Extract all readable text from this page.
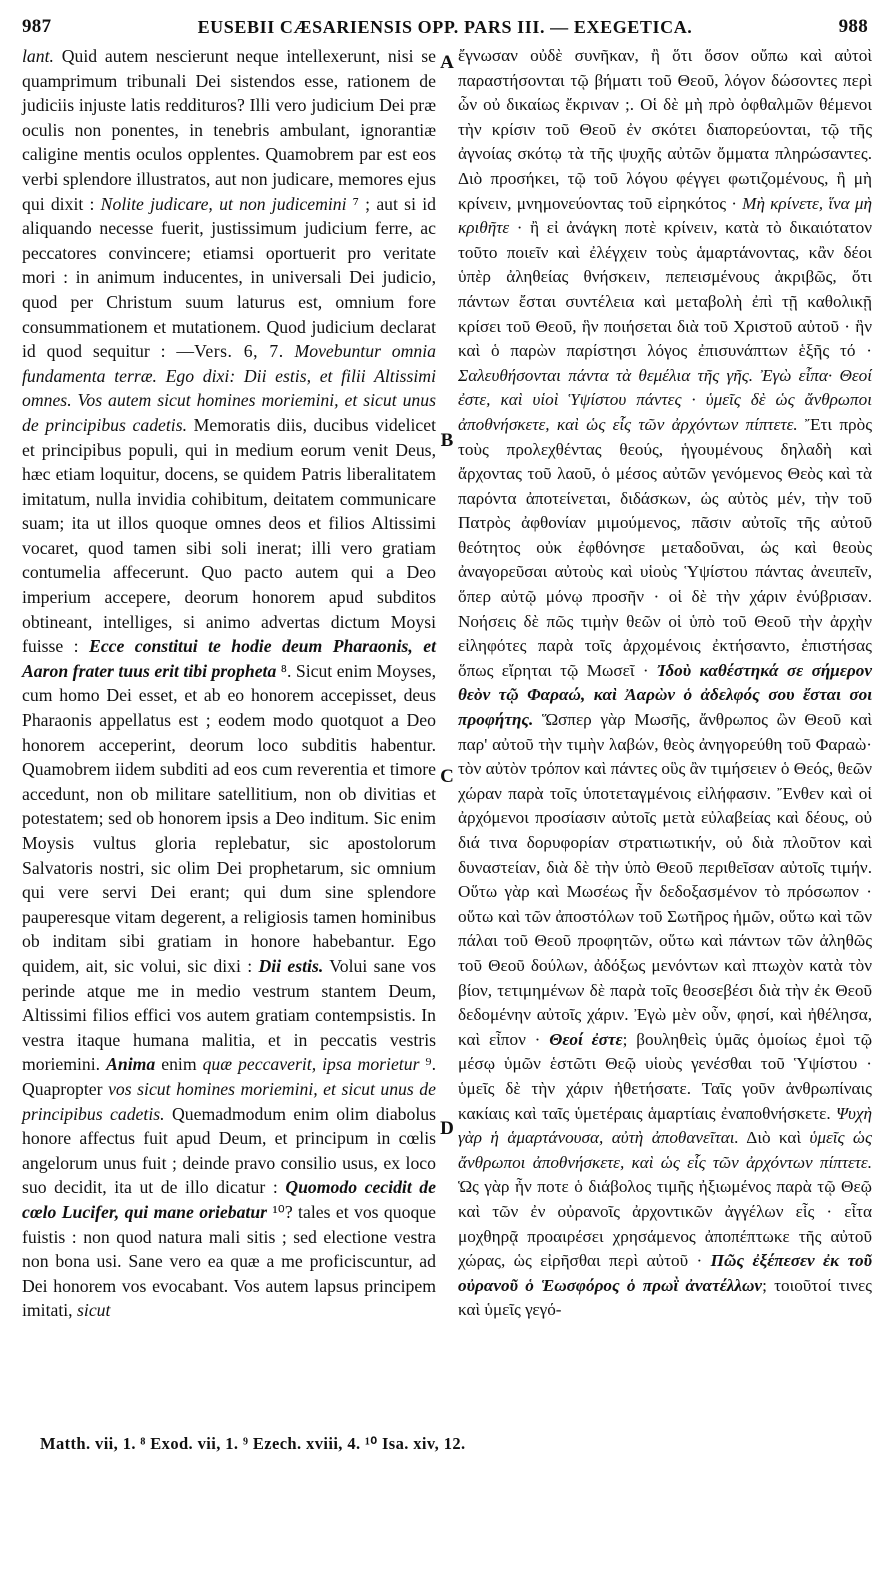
987	EUSEBII CÆSARIENSIS OPP. PARS III. — EXEGETICA.	988

lant. Quid autem nescierunt neque intellexerunt, nisi se quamprimum tribunali Dei sistendos esse, rationem de judiciis injuste latis reddituros? Illi vero judicium Dei præ oculis non ponentes, in tenebris ambulant, ignorantiæ caligine mentis oculos opplentes. Quamobrem par est eos verbi splendore illustratos, aut non judicare, memores ejus qui dixit : Nolite judicare, ut non judicemini ⁷ ; aut si id aliquando necesse fuerit, justissimum judicium ferre, ac peccatores convincere; etiamsi oportuerit pro veritate mori : in animum inducentes, in universali Dei judicio, quod per Christum suum laturus est, omnium fore consummationem et mutationem. Quod judicium declarat id quod sequitur : —Vers. 6, 7. Movebuntur omnia fundamenta terræ. Ego dixi: Dii estis, et filii Altissimi omnes. Vos autem sicut homines moriemini, et sicut unus de principibus cadetis. Memoratis diis, ducibus videlicet et principibus populi, qui in medium eorum venit Deus, hæc etiam loquitur, docens, se quidem Patris liberalitatem imitatum, nulla invidia cohibitum, deitatem communicare suam; ita ut illos quoque omnes deos et filios Altissimi vocaret, quod tamen sibi soli inerat; illi vero gratiam contumelia affecerunt. Quo pacto autem qui a Deo imperium accepere, deorum honorem apud subditos obtineant, intelliges, si animo advertas dictum Moysi fuisse : Ecce constitui te hodie deum Pharaonis, et Aaron frater tuus erit tibi propheta ⁸. Sicut enim Moyses, cum homo Dei esset, et ab eo honorem accepisset, deus Pharaonis appellatus est ; eodem modo quotquot a Deo honorem acceperint, deorum loco subditis habentur. Quamobrem iidem subditi ad eos cum reverentia et timore accedunt, non ob militare satellitium, non ob divitias et potestatem; sed ob honorem ipsis a Deo inditum. Sic enim Moysis vultus gloria replebatur, sic apostolorum Salvatoris nostri, sic olim Dei prophetarum, sic omnium qui vere servi Dei erant; qui dum sine splendore pauperesque vitam degerent, a religiosis tamen hominibus ob inditam sibi gratiam in honore habebantur. Ego quidem, ait, sic volui, sic dixi : Dii estis. Volui sane vos perinde atque me in medio vestrum stantem Deum, Altissimi filios effici vos autem gratiam contempsistis. In vestra itaque humana malitia, et in peccatis vestris moriemini. Anima enim quæ peccaverit, ipsa morietur ⁹. Quapropter vos sicut homines moriemini, et sicut unus de principibus cadetis. Quemadmodum enim olim diabolus honore affectus fuit apud Deum, et principum in cœlis angelorum unus fuit ; deinde pravo consilio usus, ex loco suo decidit, ita ut de illo dicatur : Quomodo cecidit de cœlo Lucifer, qui mane oriebatur ¹⁰? tales et vos quoque fuistis : non quod natura mali sitis ; sed electione vestra non bona usi. Sane vero ea quæ a me proficiscuntur, ad Dei honorem vos evocabant. Vos autem lapsus principem imitati, sicut

A
B
C
D

ἔγνωσαν οὐδὲ συνῆκαν, ἢ ὅτι ὅσον οὔπω καὶ αὐτοὶ παραστήσονται τῷ βήματι τοῦ Θεοῦ, λόγον δώσοντες περὶ ὧν οὐ δικαίως ἔκριναν ;. Οἱ δὲ μὴ πρὸ ὀφθαλμῶν θέμενοι τὴν κρίσιν τοῦ Θεοῦ ἐν σκότει διαπορεύονται, τῷ τῆς ἀγνοίας σκότῳ τὰ τῆς ψυχῆς αὐτῶν ὄμματα πληρώσαντες. Διὸ προσήκει, τῷ τοῦ λόγου φέγγει φωτιζομένους, ἢ μὴ κρίνειν, μνημονεύοντας τοῦ εἰρηκότος · Μὴ κρίνετε, ἵνα μὴ κριθῆτε · ἢ εἰ ἀνάγκη ποτὲ κρίνειν, κατὰ τὸ δικαιότατον τοῦτο ποιεῖν καὶ ἐλέγχειν τοὺς ἁμαρτάνοντας, κἂν δέοι ὑπὲρ ἀληθείας θνήσκειν, πεπεισμένους ἀκριβῶς, ὅτι πάντων ἔσται συντέλεια καὶ μεταβολὴ ἐπὶ τῇ καθολικῇ κρίσει τοῦ Θεοῦ, ἣν ποιήσεται διὰ τοῦ Χριστοῦ αὐτοῦ · ἣν καὶ ὁ παρὼν παρίστησι λόγος ἐπισυνάπτων ἑξῆς τό · Σαλευθήσονται πάντα τὰ θεμέλια τῆς γῆς. Ἐγὼ εἶπα· Θεοί ἐστε, καὶ υἱοὶ Ὑψίστου πάντες · ὑμεῖς δὲ ὡς ἄνθρωποι ἀποθνήσκετε, καὶ ὡς εἷς τῶν ἀρχόντων πίπτετε. Ἔτι πρὸς τοὺς προλεχθέντας θεούς, ἡγουμένους δηλαδὴ καὶ ἄρχοντας τοῦ λαοῦ, ὁ μέσος αὐτῶν γενόμενος Θεὸς καὶ τὰ παρόντα ἀποτείνεται, διδάσκων, ὡς αὐτὸς μέν, τὴν τοῦ Πατρὸς ἀφθονίαν μιμούμενος, πᾶσιν αὐτοῖς τῆς αὐτοῦ θεότητος οὐκ ἐφθόνησε μεταδοῦναι, ὡς καὶ θεοὺς ἀναγορεῦσαι αὐτοὺς καὶ υἱοὺς Ὑψίστου πάντας ἀνειπεῖν, ὅπερ αὐτῷ μόνῳ προσῆν · οἱ δὲ τὴν χάριν ἐνύβρισαν. Νοήσεις δὲ πῶς τιμὴν θεῶν οἱ ὑπὸ τοῦ Θεοῦ τὴν ἀρχὴν εἰληφότες παρὰ τοῖς ἀρχομένοις ἐκτήσαντο, ἐπιστήσας ὅπως εἴρηται τῷ Μωσεῖ · Ἰδοὺ καθέστηκά σε σήμερον θεὸν τῷ Φαραώ, καὶ Ἀαρὼν ὁ ἀδελφός σου ἔσται σοι προφήτης. Ὥσπερ γὰρ Μωσῆς, ἄνθρωπος ὢν Θεοῦ καὶ παρ' αὐτοῦ τὴν τιμὴν λαβών, θεὸς ἀνηγορεύθη τοῦ Φαραὼ· τὸν αὐτὸν τρόπον καὶ πάντες οὓς ἂν τιμήσειεν ὁ Θεός, θεῶν χώραν παρὰ τοῖς ὑποτεταγμένοις εἰλήφασιν. Ἔνθεν καὶ οἱ ἀρχόμενοι προσίασιν αὐτοῖς μετὰ εὐλαβείας καὶ δέους, οὐ διά τινα δορυφορίαν στρατιωτικήν, οὐ διὰ πλοῦτον καὶ δυναστείαν, διὰ δὲ τὴν ὑπὸ Θεοῦ περιθεῖσαν αὐτοῖς τιμήν. Οὕτω γὰρ καὶ Μωσέως ἦν δεδοξασμένον τὸ πρόσωπον · οὕτω καὶ τῶν ἀποστόλων τοῦ Σωτῆρος ἡμῶν, οὕτω καὶ τῶν πάλαι τοῦ Θεοῦ προφητῶν, οὕτω καὶ πάντων τῶν ἀληθῶς τοῦ Θεοῦ δούλων, ἀδόξως μενόντων καὶ πτωχὸν κατὰ τὸν βίον, τετιμημένων δὲ παρὰ τοῖς θεοσεβέσι διὰ τὴν ἐκ Θεοῦ δεδομένην αὐτοῖς χάριν. Ἐγὼ μὲν οὖν, φησί, καὶ ἠθέλησα, καὶ εἶπον · Θεοί ἐστε; βουληθεὶς ὑμᾶς ὁμοίως ἐμοὶ τῷ μέσῳ ὑμῶν ἑστῶτι Θεῷ υἱοὺς γενέσθαι τοῦ Ὑψίστου · ὑμεῖς δὲ τὴν χάριν ἠθετήσατε. Ταῖς γοῦν ἀνθρωπίναις κακίαις καὶ ταῖς ὑμετέραις ἁμαρτίαις ἐναποθνήσκετε. Ψυχὴ γὰρ ἡ ἁμαρτάνουσα, αὐτὴ ἀποθανεῖται. Διὸ καὶ ὑμεῖς ὡς ἄνθρωποι ἀποθνήσκετε, καὶ ὡς εἷς τῶν ἀρχόντων πίπτετε. Ὡς γὰρ ἦν ποτε ὁ διάβολος τιμῆς ἠξιωμένος παρὰ τῷ Θεῷ καὶ τῶν ἐν οὐρανοῖς ἀρχοντικῶν ἀγγέλων εἷς · εἶτα μοχθηρᾷ προαιρέσει χρησάμενος ἀποπέπτωκε τῆς αὐτοῦ χώρας, ὡς εἰρῆσθαι περὶ αὐτοῦ · Πῶς ἐξέπεσεν ἐκ τοῦ οὐρανοῦ ὁ Ἑωσφόρος ὁ πρωῒ ἀνατέλλων; τοιοῦτοί τινες καὶ ὑμεῖς γεγό-

Matth. vii, 1. ⁸ Exod. vii, 1. ⁹ Ezech. xviii, 4. ¹⁰ Isa. xiv, 12.
